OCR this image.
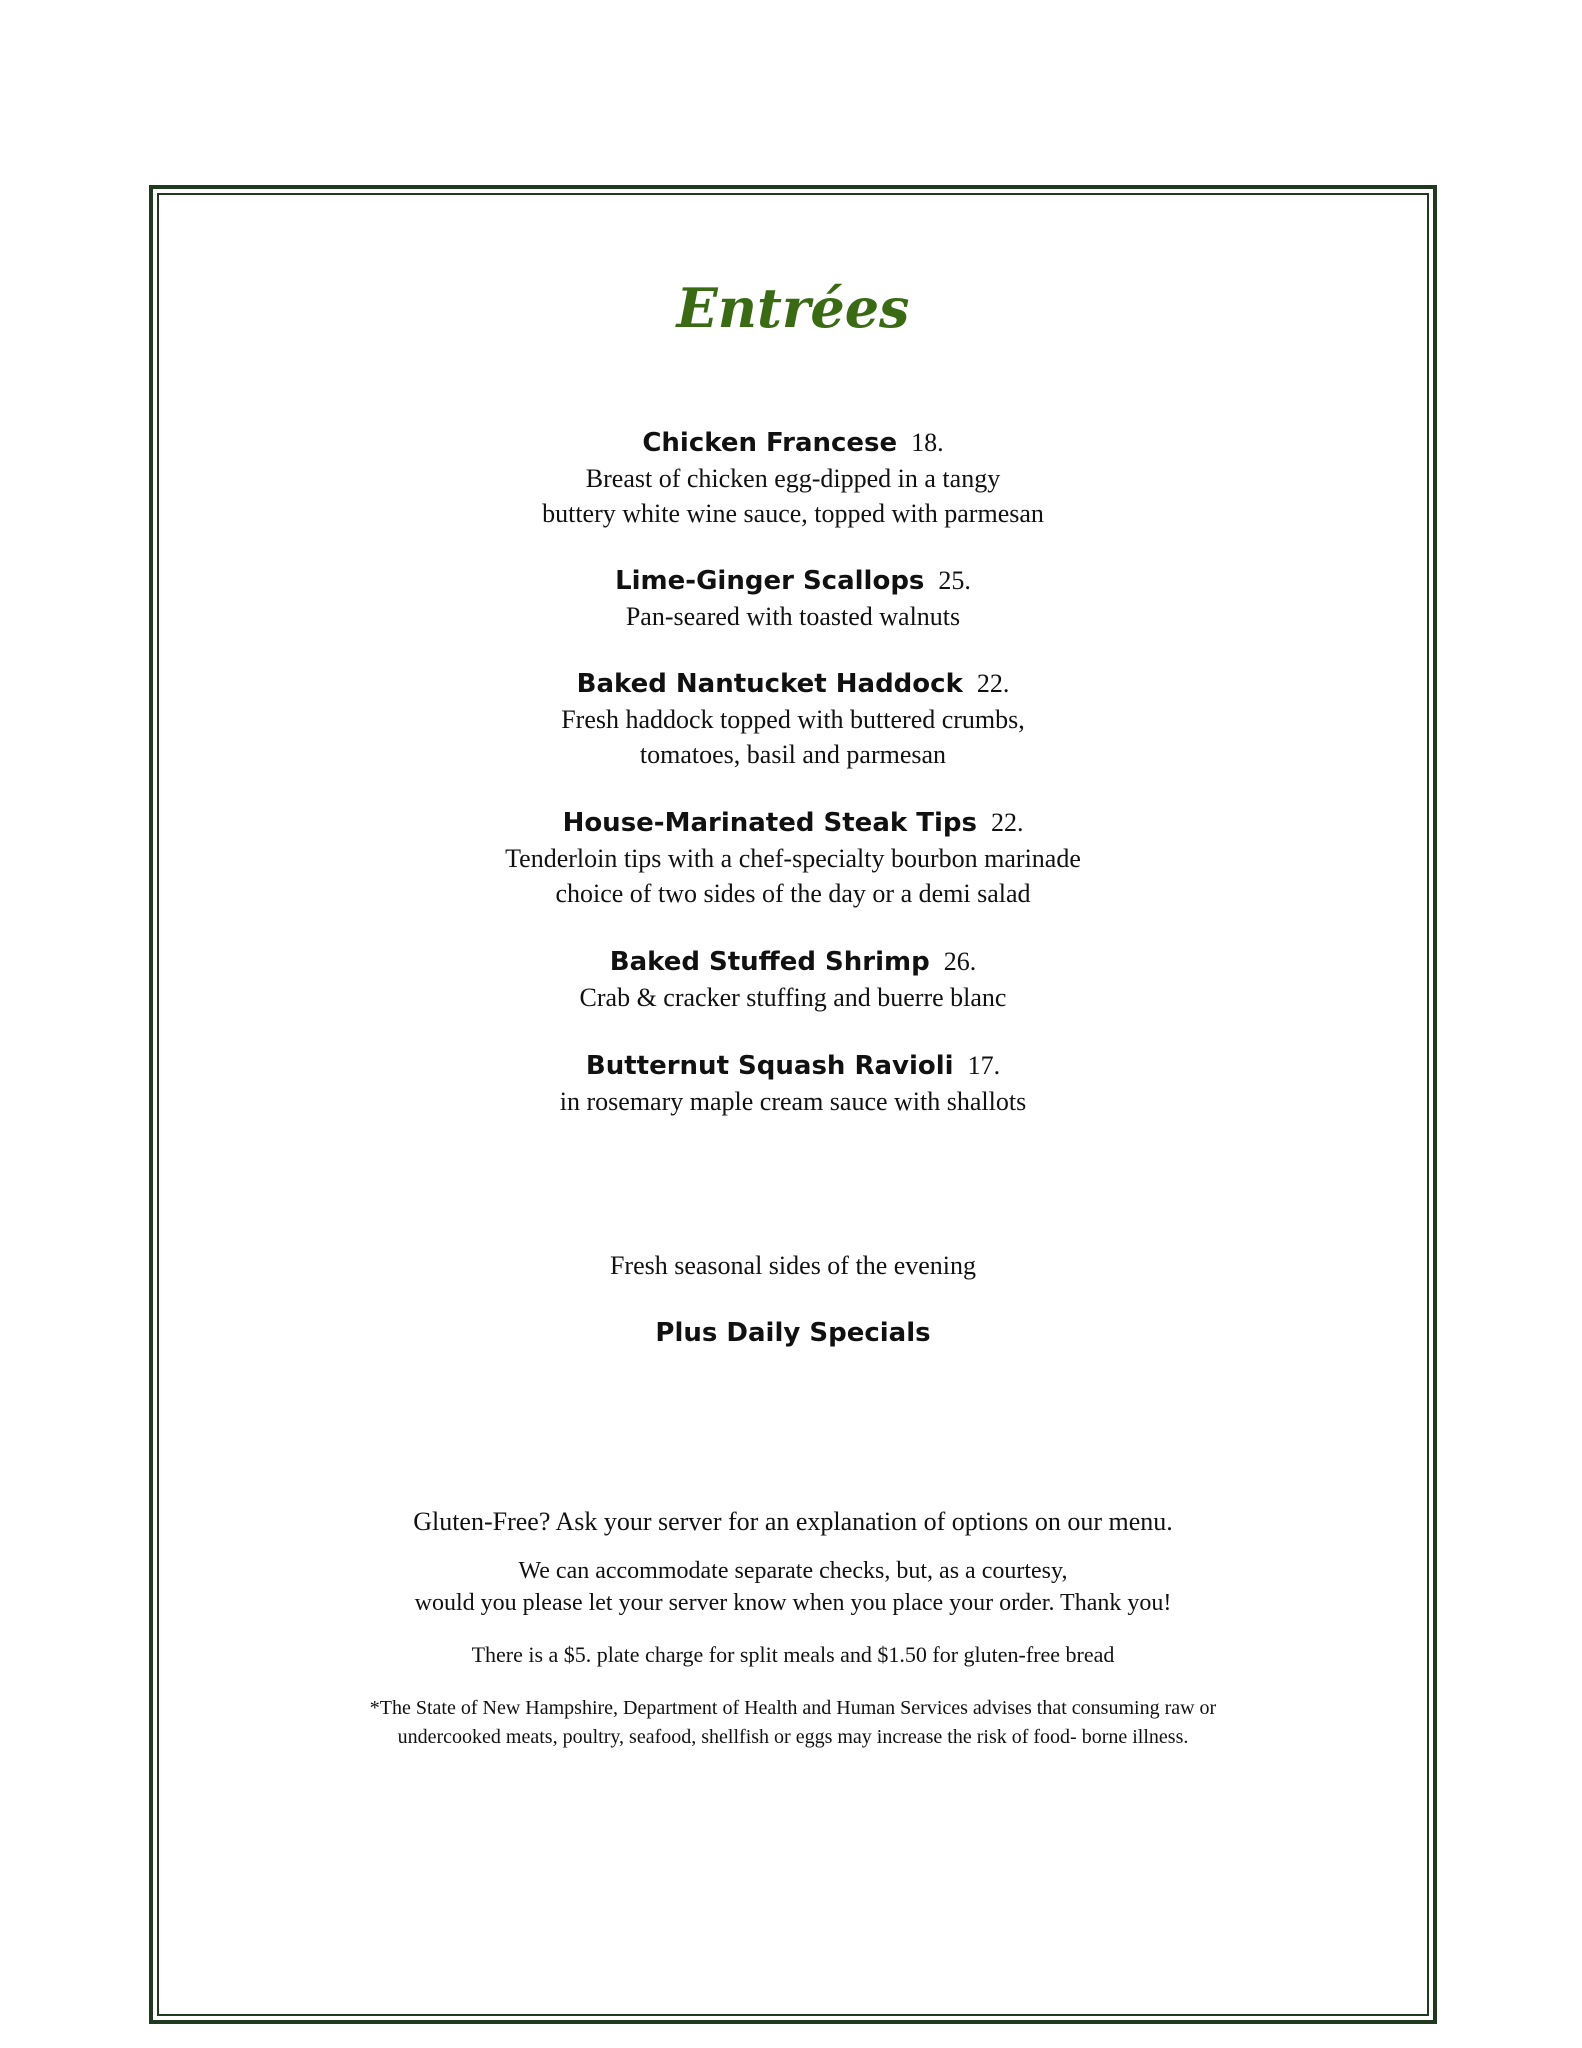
Entrées
Chicken Francese 18.
Breast of chicken egg-dipped in a tangy
buttery white wine sauce, topped with parmesan
Lime-Ginger Scallops 25.
Pan-seared with toasted walnuts
Baked Nantucket Haddock 22.
Fresh haddock topped with buttered crumbs,
tomatoes, basil and parmesan
House-Marinated Steak Tips 22.
Tenderloin tips with a chef-specialty bourbon marinade
choice of two sides of the day or a demi salad
Baked Stuffed Shrimp 26.
Crab & cracker stuffing and buerre blanc
Butternut Squash Ravioli 17.
in rosemary maple cream sauce with shallots
Fresh seasonal sides of the evening
Plus Daily Specials
Gluten-Free? Ask your server for an explanation of options on our menu.
We can accommodate separate checks, but, as a courtesy,
would you please let your server know when you place your order. Thank you!
There is a $5. plate charge for split meals and $1.50 for gluten-free bread
*The State of New Hampshire, Department of Health and Human Services advises that consuming raw or
undercooked meats, poultry, seafood, shellfish or eggs may increase the risk of food- borne illness.
